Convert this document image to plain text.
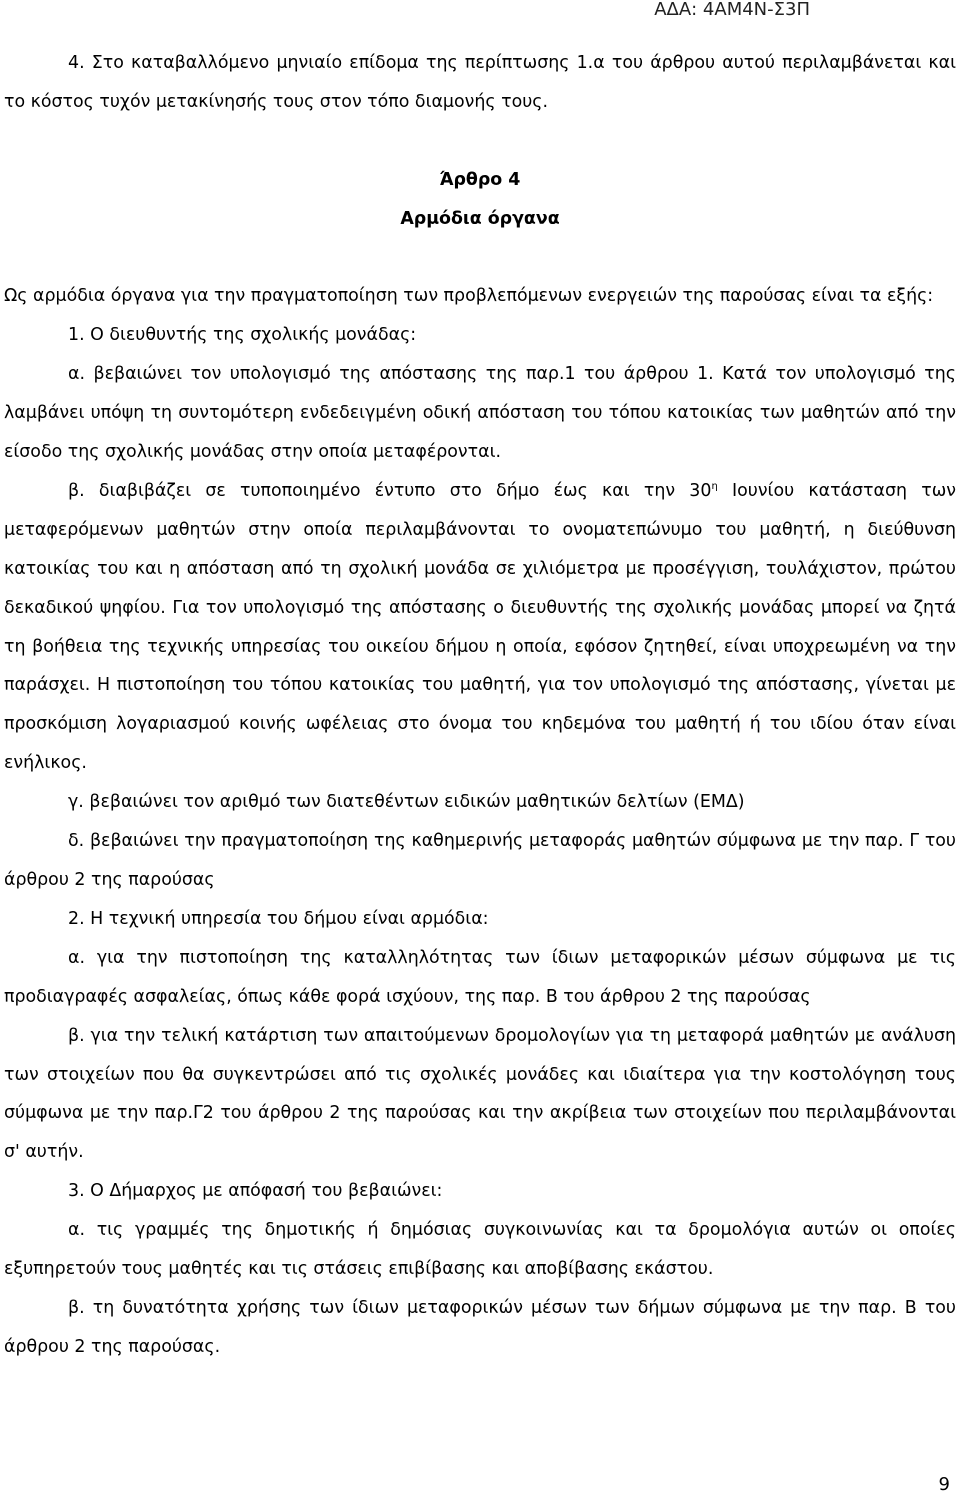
ΑΔΑ: 4ΑΜ4Ν-Σ3Π

4. Στο καταβαλλόμενο μηνιαίο επίδομα της περίπτωσης 1.α του άρθρου αυτού περιλαμβάνεται και το κόστος τυχόν μετακίνησής τους στον τόπο διαμονής τους.

Άρθρο 4

Αρμόδια όργανα

Ως αρμόδια όργανα για την πραγματοποίηση των προβλεπόμενων ενεργειών της παρούσας είναι τα εξής:

1. Ο διευθυντής της σχολικής μονάδας:

α. βεβαιώνει τον υπολογισμό της απόστασης της παρ.1 του άρθρου 1. Κατά τον υπολογισμό της λαμβάνει υπόψη τη συντομότερη ενδεδειγμένη οδική απόσταση του τόπου κατοικίας των μαθητών από την είσοδο της σχολικής μονάδας στην οποία μεταφέρονται.

β. διαβιβάζει σε τυποποιημένο έντυπο στο δήμο έως και την $30^\eta$ Ιουνίου κατάσταση των μεταφερόμενων μαθητών στην οποία περιλαμβάνονται το ονοματεπώνυμο του μαθητή, η διεύθυνση κατοικίας του και η απόσταση από τη σχολική μονάδα σε χιλιόμετρα με προσέγγιση, τουλάχιστον, πρώτου δεκαδικού ψηφίου. Για τον υπολογισμό της απόστασης ο διευθυντής της σχολικής μονάδας μπορεί να ζητά τη βοήθεια της τεχνικής υπηρεσίας του οικείου δήμου η οποία, εφόσον ζητηθεί, είναι υποχρεωμένη να την παράσχει. Η πιστοποίηση του τόπου κατοικίας του μαθητή, για τον υπολογισμό της απόστασης, γίνεται με προσκόμιση λογαριασμού κοινής ωφέλειας στο όνομα του κηδεμόνα του μαθητή ή του ιδίου όταν είναι ενήλικος.

γ. βεβαιώνει τον αριθμό των διατεθέντων ειδικών μαθητικών δελτίων (ΕΜΔ)

δ. βεβαιώνει την πραγματοποίηση της καθημερινής μεταφοράς μαθητών σύμφωνα με την παρ. Γ του άρθρου 2 της παρούσας

2. Η τεχνική υπηρεσία του δήμου είναι αρμόδια:

α. για την πιστοποίηση της καταλληλότητας των ίδιων μεταφορικών μέσων σύμφωνα με τις προδιαγραφές ασφαλείας, όπως κάθε φορά ισχύουν, της παρ. Β του άρθρου 2 της παρούσας

β. για την τελική κατάρτιση των απαιτούμενων δρομολογίων για τη μεταφορά μαθητών με ανάλυση των στοιχείων που θα συγκεντρώσει από τις σχολικές μονάδες και ιδιαίτερα για την κοστολόγηση τους σύμφωνα με την παρ.Γ2 του άρθρου 2 της παρούσας και την ακρίβεια των στοιχείων που περιλαμβάνονται σ' αυτήν.

3. Ο Δήμαρχος με απόφασή του βεβαιώνει:

α. τις γραμμές της δημοτικής ή δημόσιας συγκοινωνίας και τα δρομολόγια αυτών οι οποίες εξυπηρετούν τους μαθητές και τις στάσεις επιβίβασης και αποβίβασης εκάστου.

β. τη δυνατότητα χρήσης των ίδιων μεταφορικών μέσων των δήμων σύμφωνα με την παρ. Β του άρθρου 2 της παρούσας.

9
